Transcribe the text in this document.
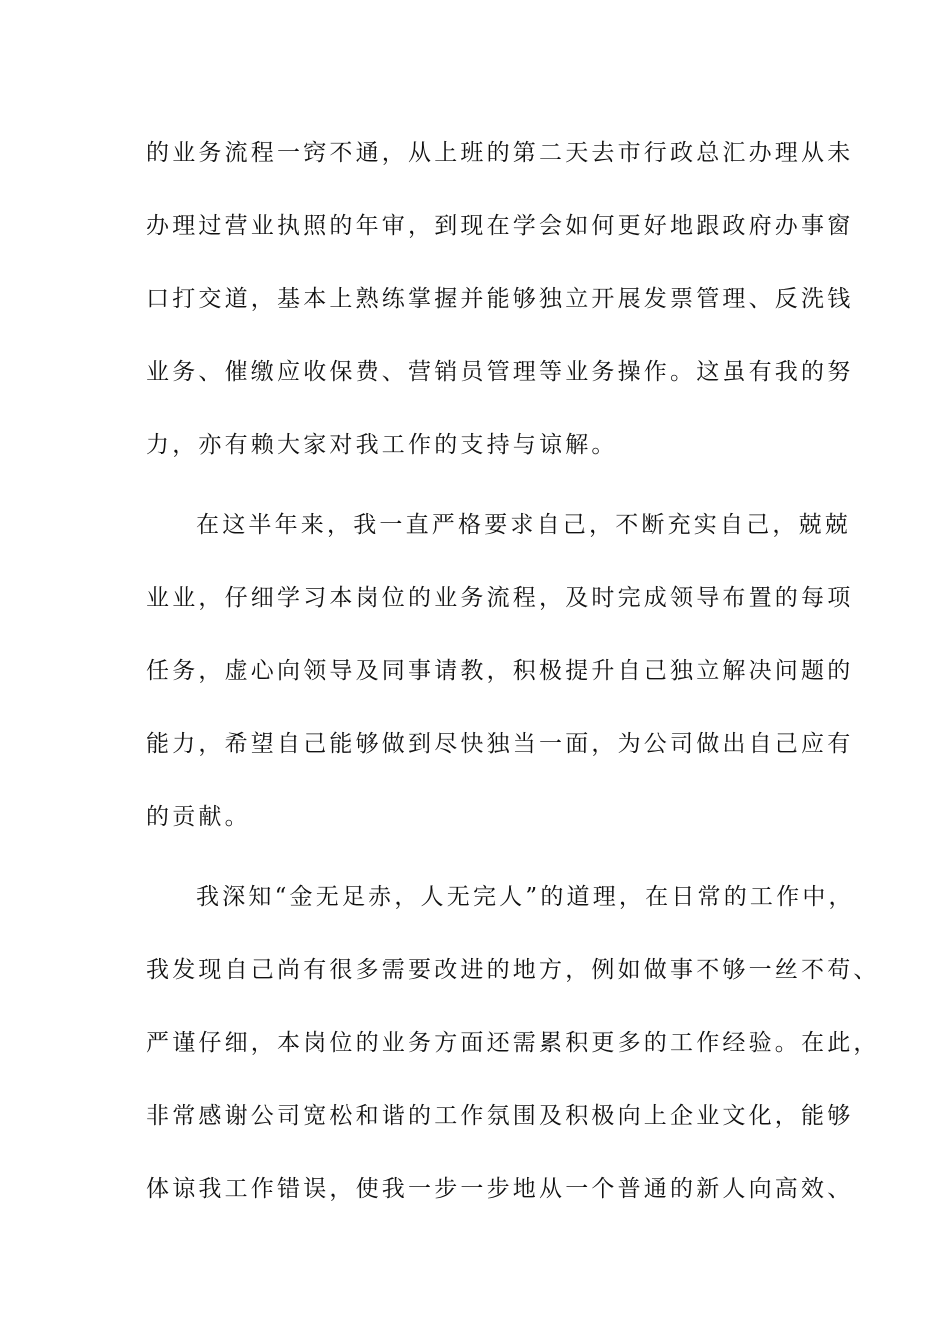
的业务流程一窍不通，从上班的第二天去市行政总汇办理从未
办理过营业执照的年审，到现在学会如何更好地跟政府办事窗
口打交道，基本上熟练掌握并能够独立开展发票管理、反洗钱
业务、催缴应收保费、营销员管理等业务操作。这虽有我的努
力，亦有赖大家对我工作的支持与谅解。
在这半年来，我一直严格要求自己，不断充实自己，兢兢
业业，仔细学习本岗位的业务流程，及时完成领导布置的每项
任务，虚心向领导及同事请教，积极提升自己独立解决问题的
能力，希望自己能够做到尽快独当一面，为公司做出自己应有
的贡献。
我深知“金无足赤，人无完人”的道理，在日常的工作中，
我发现自己尚有很多需要改进的地方，例如做事不够一丝不苟、
严谨仔细，本岗位的业务方面还需累积更多的工作经验。在此，
非常感谢公司宽松和谐的工作氛围及积极向上企业文化，能够
体谅我工作错误，使我一步一步地从一个普通的新人向高效、
